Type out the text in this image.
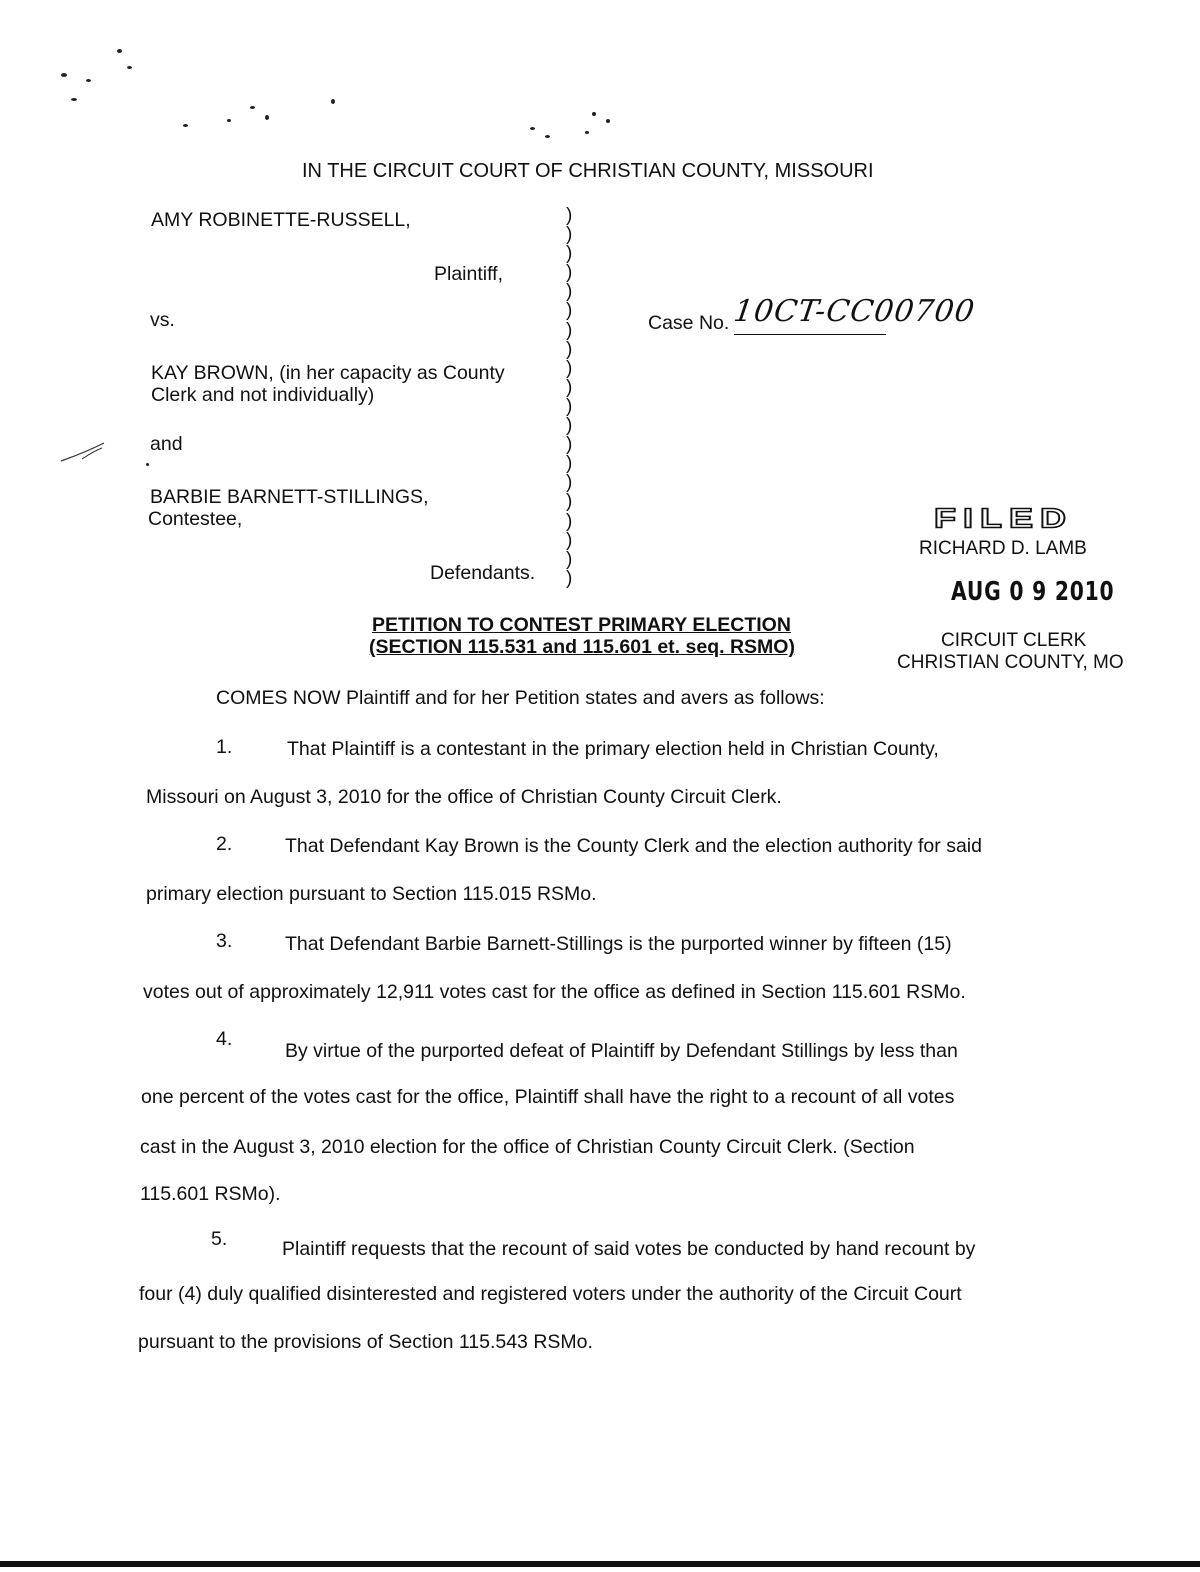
IN THE CIRCUIT COURT OF CHRISTIAN COUNTY, MISSOURI
AMY ROBINETTE-RUSSELL,
Plaintiff,
vs.
KAY BROWN, (in her capacity as County
Clerk and not individually)
and
BARBIE BARNETT-STILLINGS,
Contestee,
Defendants.
)
)
)
)
)
)
)
)
)
)
)
)
)
)
)
)
)
)
)
)
Case No. 10CT-CC00700
FILED
RICHARD D. LAMB
AUG 0 9 2010
CIRCUIT CLERK
CHRISTIAN COUNTY, MO
PETITION TO CONTEST PRIMARY ELECTION
(SECTION 115.531 and 115.601 et. seq. RSMO)
COMES NOW Plaintiff and for her Petition states and avers as follows:
1.	That Plaintiff is a contestant in the primary election held in Christian County,
Missouri on August 3, 2010 for the office of Christian County Circuit Clerk.
2.	That Defendant Kay Brown is the County Clerk and the election authority for said
primary election pursuant to Section 115.015 RSMo.
3.	That Defendant Barbie Barnett-Stillings is the purported winner by fifteen (15)
votes out of approximately 12,911 votes cast for the office as defined in Section 115.601 RSMo.
4.
By virtue of the purported defeat of Plaintiff by Defendant Stillings by less than
one percent of the votes cast for the office, Plaintiff shall have the right to a recount of all votes
cast in the August 3, 2010 election for the office of Christian County Circuit Clerk. (Section
115.601 RSMo).
5.	Plaintiff requests that the recount of said votes be conducted by hand recount by
four (4) duly qualified disinterested and registered voters under the authority of the Circuit Court
pursuant to the provisions of Section 115.543 RSMo.
